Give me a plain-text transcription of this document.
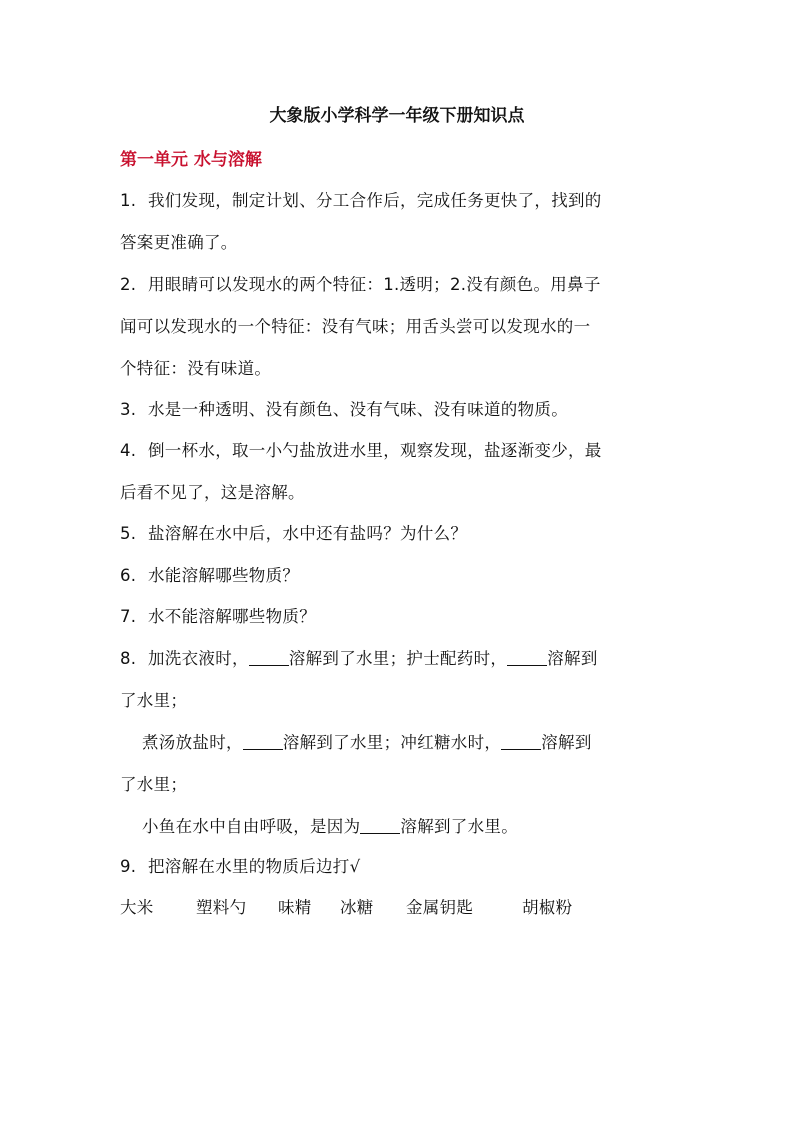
大象版小学科学一年级下册知识点
第一单元 水与溶解
1. 我们发现，制定计划、分工合作后，完成任务更快了，找到的
答案更准确了。
2. 用眼睛可以发现水的两个特征：1.透明；2.没有颜色。用鼻子
闻可以发现水的一个特征：没有气味；用舌头尝可以发现水的一
个特征：没有味道。
3. 水是一种透明、没有颜色、没有气味、没有味道的物质。
4. 倒一杯水，取一小勺盐放进水里，观察发现，盐逐渐变少，最
后看不见了，这是溶解。
5. 盐溶解在水中后，水中还有盐吗？为什么？
6. 水能溶解哪些物质？
7. 水不能溶解哪些物质？
8. 加洗衣液时， 溶解到了水里；护士配药时， 溶解到
了水里；
煮汤放盐时， 溶解到了水里；冲红糖水时， 溶解到
了水里；
小鱼在水中自由呼吸，是因为 溶解到了水里。
9. 把溶解在水里的物质后边打√
大米	塑料勺 味精 冰糖 金属钥匙	胡椒粉
